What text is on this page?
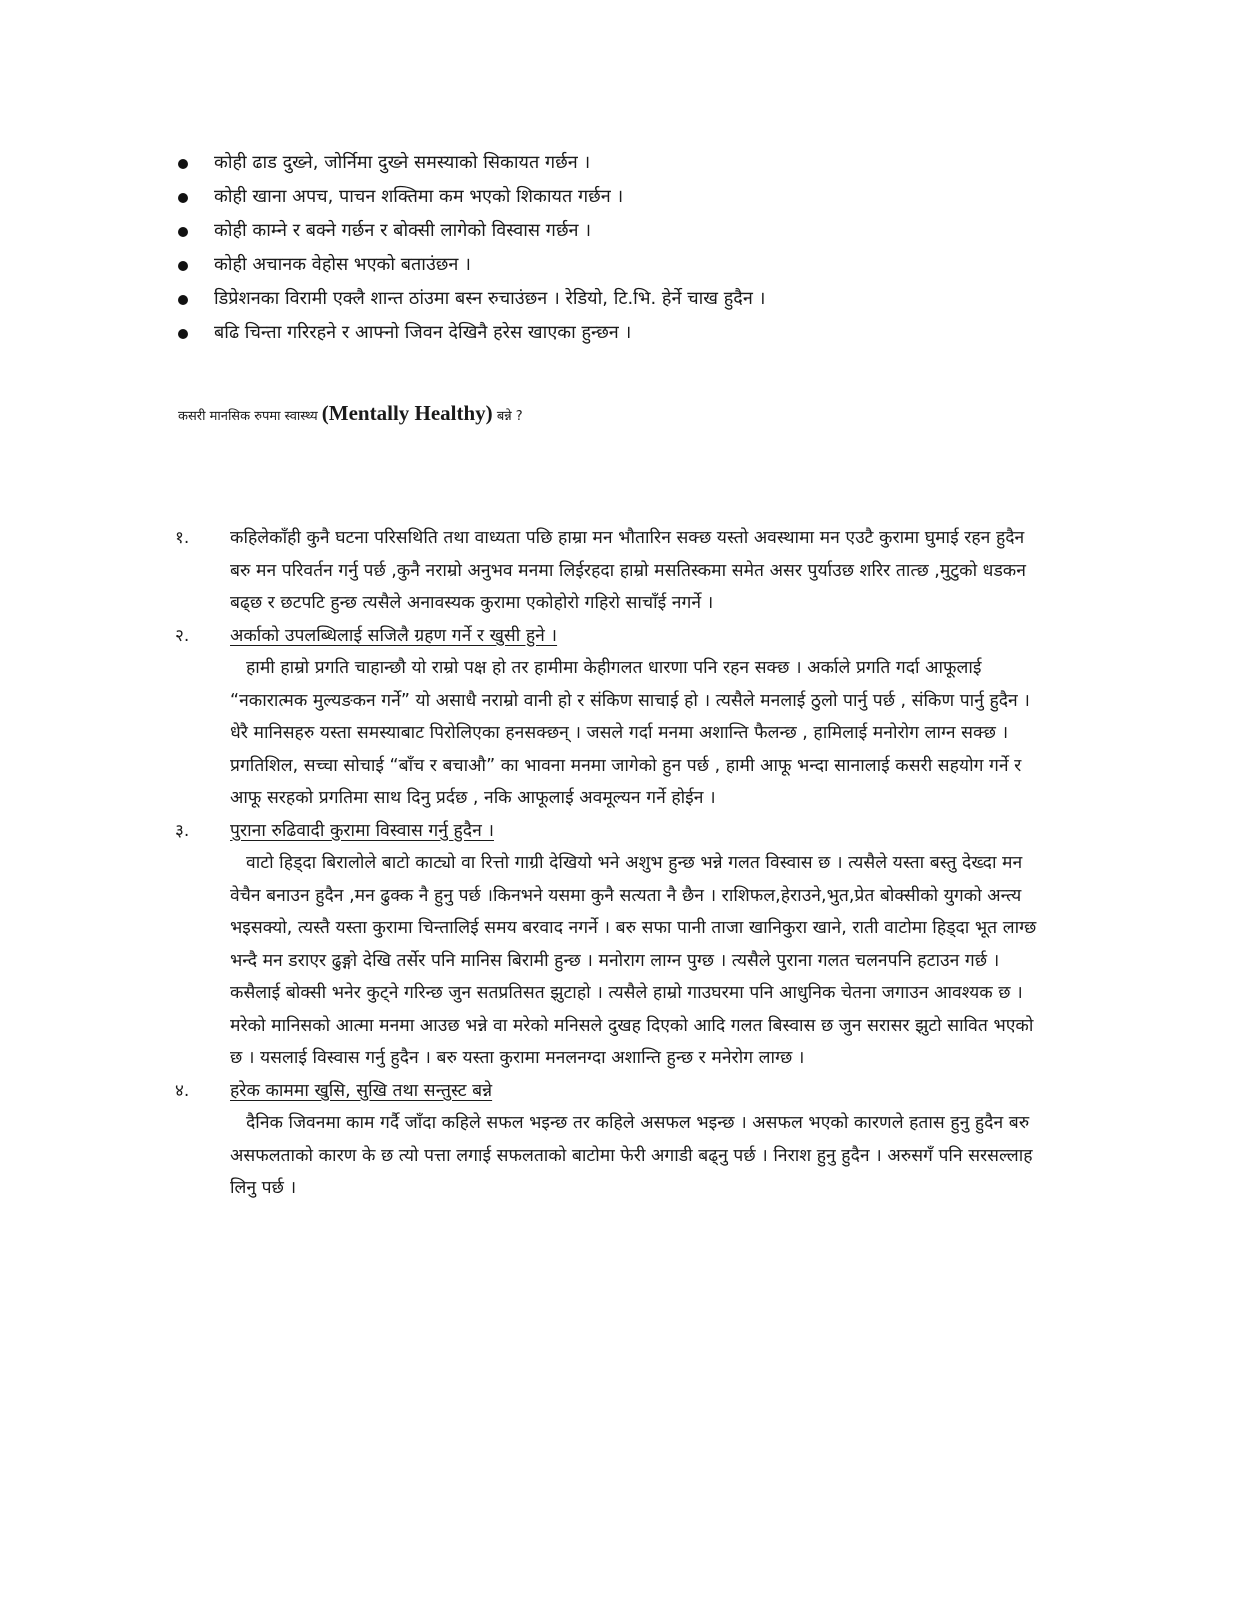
कोही ढाड दुख्ने, जोर्निमा दुख्ने समस्याको सिकायत गर्छन ।
कोही खाना अपच, पाचन शक्तिमा कम भएको शिकायत गर्छन ।
कोही काम्ने र बक्ने गर्छन र बोक्सी लागेको विस्वास गर्छन ।
कोही अचानक वेहोस भएको बताउंछन ।
डिप्रेशनका विरामी एक्लै शान्त ठांउमा बस्न रुचाउंछन । रेडियो, टि.भि. हेर्ने चाख हुदैन ।
बढि चिन्ता गरिरहने र आफ्नो जिवन देखिनै हरेस खाएका हुन्छन ।
कसरी मानसिक रुपमा स्वास्थ्य (Mentally Healthy) बन्ने ?
१. कहिलेकाँही कुनै घटना परिसथिति तथा वाध्यता पछि हाम्रा मन भौतारिन सक्छ यस्तो अवस्थामा मन एउटै कुरामा घुमाई रहन हुदैन बरु मन परिवर्तन गर्नु पर्छ ,कुनै नराम्रो अनुभव मनमा लिईरहदा हाम्रो मसतिस्कमा समेत असर पुर्याउछ शरिर तात्छ ,मुटुको धडकन बढ्छ र छटपटि हुन्छ त्यसैले अनावस्यक कुरामा एकोहोरो गहिरो साचाँई नगर्ने ।
२. अर्काको उपलब्धिलाई सजिलै ग्रहण गर्ने र खुसी हुने ।
हामी हाम्रो प्रगति चाहान्छौ यो राम्रो पक्ष हो तर हामीमा केहीगलत धारणा पनि रहन सक्छ । अर्काले प्रगति गर्दा आफूलाई “नकारात्मक मुल्यङकन गर्ने” यो असाधै नराम्रो वानी हो र संकिण साचाई हो । त्यसैले मनलाई ठुलो पार्नु पर्छ , संकिण पार्नु हुदैन । धेरै मानिसहरु यस्ता समस्याबाट पिरोलिएका हनसक्छन् । जसले गर्दा मनमा अशान्ति फैलन्छ , हामिलाई मनोरोग लाग्न सक्छ । प्रगतिशिल, सच्चा सोचाई “बाँच र बचाऔ” का भावना मनमा जागेको हुन पर्छ , हामी आफू भन्दा सानालाई कसरी सहयोग गर्ने र आफू सरहको प्रगतिमा साथ दिनु प्रर्दछ , नकि आफूलाई अवमूल्यन गर्ने होईन ।
३. पुराना रुढिवादी कुरामा विस्वास गर्नु हुदैन ।
वाटो हिड्दा बिरालोले बाटो काट्यो वा रित्तो गाग्री देखियो भने अशुभ हुन्छ भन्ने गलत विस्वास छ । त्यसैले यस्ता बस्तु देख्दा मन वेचैन बनाउन हुदैन ,मन ढुक्क नै हुनु पर्छ ।किनभने यसमा कुनै सत्यता नै छैन । राशिफल,हेराउने,भुत,प्रेत बोक्सीको युगको अन्त्य भइसक्यो, त्यस्तै यस्ता कुरामा चिन्तालिई समय बरवाद नगर्ने । बरु सफा पानी ताजा खानिकुरा खाने, राती वाटोमा हिड्दा भूत लाग्छ भन्दै मन डराएर ढुङ्गो देखि तर्सेर पनि मानिस बिरामी हुन्छ । मनोराग लाग्न पुग्छ । त्यसैले पुराना गलत चलनपनि हटाउन गर्छ । कसैलाई बोक्सी भनेर कुट्ने गरिन्छ जुन सतप्रतिसत झुटाहो । त्यसैले हाम्रो गाउघरमा पनि आधुनिक चेतना जगाउन आवश्यक छ । मरेको मानिसको आत्मा मनमा आउछ भन्ने वा मरेको मनिसले दुखह दिएको आदि गलत बिस्वास छ जुन सरासर झुटो सावित भएको छ । यसलाई विस्वास गर्नु हुदैन । बरु यस्ता कुरामा मनलनग्दा अशान्ति हुन्छ र मनेरोग लाग्छ ।
४. हरेक काममा खुसि, सुखि तथा सन्तुस्ट बन्ने
दैनिक जिवनमा काम गर्दै जाँदा कहिले सफल भइन्छ तर कहिले असफल भइन्छ । असफल भएको कारणले हतास हुनु हुदैन बरु असफलताको कारण के छ त्यो पत्ता लगाई सफलताको बाटोमा फेरी अगाडी बढ्नु पर्छ । निराश हुनु हुदैन । अरुसगँ पनि सरसल्लाह लिनु पर्छ ।
